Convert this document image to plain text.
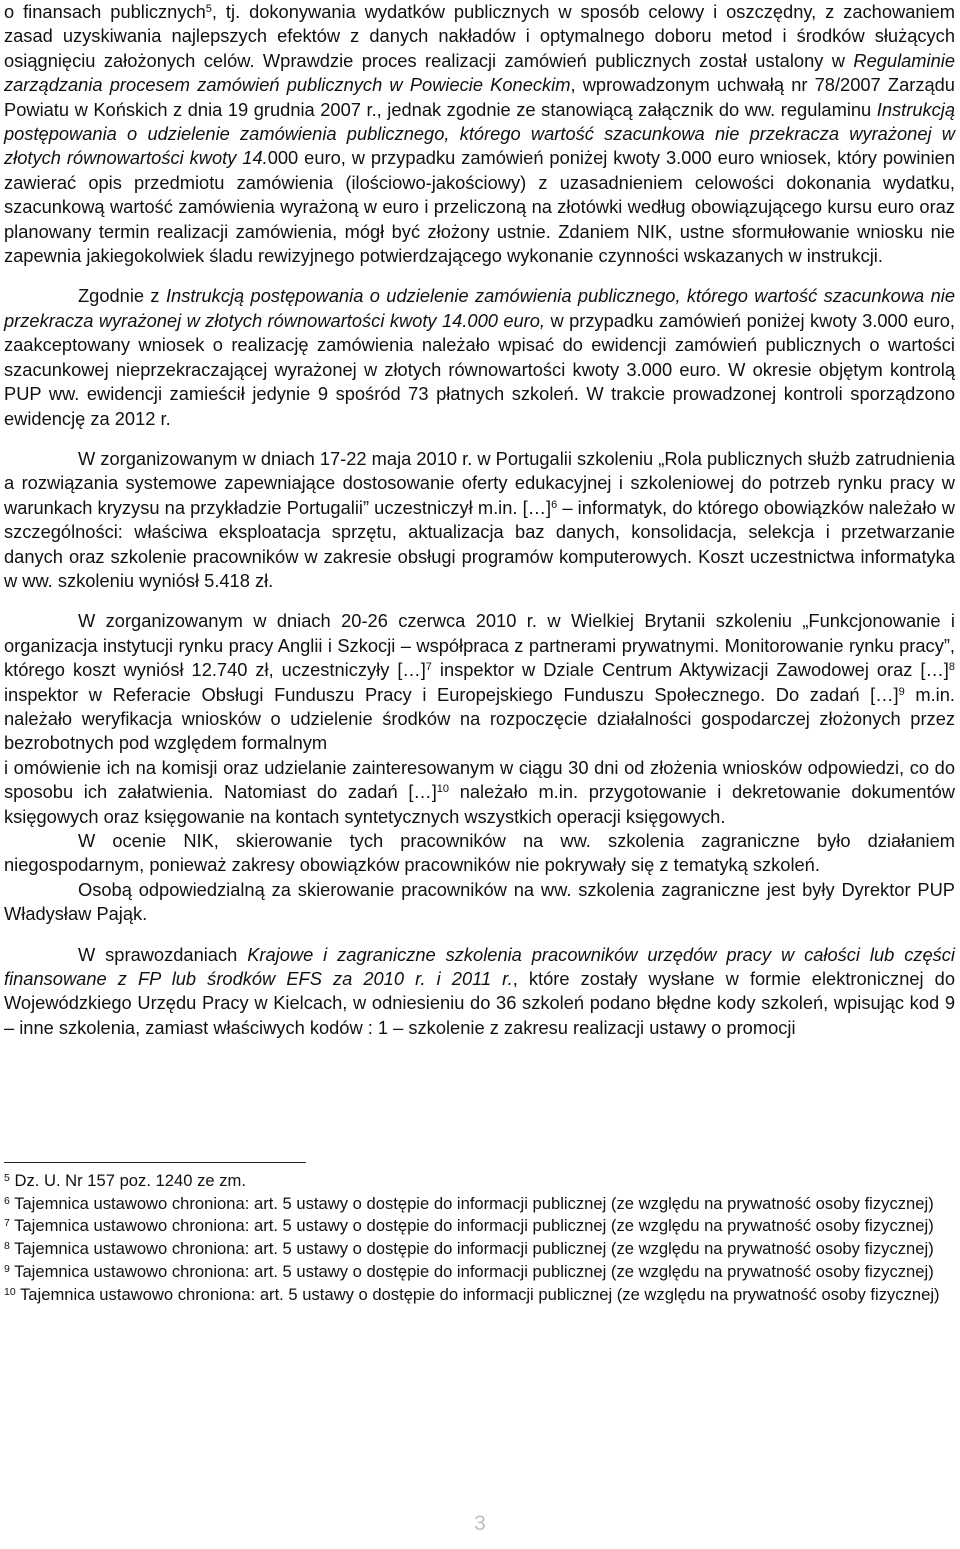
o finansach publicznych$^5$, tj. dokonywania wydatków publicznych w sposób celowy i oszczędny, z zachowaniem zasad uzyskiwania najlepszych efektów z danych nakładów i optymalnego doboru metod i środków służących osiągnięciu założonych celów. Wprawdzie proces realizacji zamówień publicznych został ustalony w Regulaminie zarządzania procesem zamówień publicznych w Powiecie Koneckim, wprowadzonym uchwałą nr 78/2007 Zarządu Powiatu w Końskich z dnia 19 grudnia 2007 r., jednak zgodnie ze stanowiącą załącznik do ww. regulaminu Instrukcją postępowania o udzielenie zamówienia publicznego, którego wartość szacunkowa nie przekracza wyrażonej w złotych równowartości kwoty 14.000 euro, w przypadku zamówień poniżej kwoty 3.000 euro wniosek, który powinien zawierać opis przedmiotu zamówienia (ilościowo-jakościowy) z uzasadnieniem celowości dokonania wydatku, szacunkową wartość zamówienia wyrażoną w euro i przeliczoną na złotówki według obowiązującego kursu euro oraz planowany termin realizacji zamówienia, mógł być złożony ustnie. Zdaniem NIK, ustne sformułowanie wniosku nie zapewnia jakiegokolwiek śladu rewizyjnego potwierdzającego wykonanie czynności wskazanych w instrukcji.

Zgodnie z Instrukcją postępowania o udzielenie zamówienia publicznego, którego wartość szacunkowa nie przekracza wyrażonej w złotych równowartości kwoty 14.000 euro, w przypadku zamówień poniżej kwoty 3.000 euro, zaakceptowany wniosek o realizację zamówienia należało wpisać do ewidencji zamówień publicznych o wartości szacunkowej nieprzekraczającej wyrażonej w złotych równowartości kwoty 3.000 euro. W okresie objętym kontrolą PUP ww. ewidencji zamieścił jedynie 9 spośród 73 płatnych szkoleń. W trakcie prowadzonej kontroli sporządzono ewidencję za 2012 r.

W zorganizowanym w dniach 17-22 maja 2010 r. w Portugalii szkoleniu „Rola publicznych służb zatrudnienia a rozwiązania systemowe zapewniające dostosowanie oferty edukacyjnej i szkoleniowej do potrzeb rynku pracy w warunkach kryzysu na przykładzie Portugalii” uczestniczył m.in. […]$^6$ – informatyk, do którego obowiązków należało w szczególności: właściwa eksploatacja sprzętu, aktualizacja baz danych, konsolidacja, selekcja i przetwarzanie danych oraz szkolenie pracowników w zakresie obsługi programów komputerowych. Koszt uczestnictwa informatyka w ww. szkoleniu wyniósł 5.418 zł.

W zorganizowanym w dniach 20-26 czerwca 2010 r. w Wielkiej Brytanii szkoleniu „Funkcjonowanie i organizacja instytucji rynku pracy Anglii i Szkocji – współpraca z partnerami prywatnymi. Monitorowanie rynku pracy”, którego koszt wyniósł 12.740 zł, uczestniczyły […]$^7$ inspektor w Dziale Centrum Aktywizacji Zawodowej oraz […]$^8$ inspektor w Referacie Obsługi Funduszu Pracy i Europejskiego Funduszu Społecznego. Do zadań […]$^9$ m.in. należało weryfikacja wniosków o udzielenie środków na rozpoczęcie działalności gospodarczej złożonych przez bezrobotnych pod względem formalnym

i omówienie ich na komisji oraz udzielanie zainteresowanym w ciągu 30 dni od złożenia wniosków odpowiedzi, co do sposobu ich załatwienia. Natomiast do zadań […]$^{10}$ należało m.in. przygotowanie i dekretowanie dokumentów księgowych oraz księgowanie na kontach syntetycznych wszystkich operacji księgowych.

W ocenie NIK, skierowanie tych pracowników na ww. szkolenia zagraniczne było działaniem niegospodarnym, ponieważ zakresy obowiązków pracowników nie pokrywały się z tematyką szkoleń.

Osobą odpowiedzialną za skierowanie pracowników na ww. szkolenia zagraniczne jest były Dyrektor PUP Władysław Pająk.

W sprawozdaniach Krajowe i zagraniczne szkolenia pracowników urzędów pracy w całości lub części finansowane z FP lub środków EFS za 2010 r. i 2011 r., które zostały wysłane w formie elektronicznej do Wojewódzkiego Urzędu Pracy w Kielcach, w odniesieniu do 36 szkoleń podano błędne kody szkoleń, wpisując kod 9 – inne szkolenia, zamiast właściwych kodów : 1 – szkolenie z zakresu realizacji ustawy o promocji

$^5$ Dz. U. Nr 157 poz. 1240 ze zm.

$^6$ Tajemnica ustawowo chroniona: art. 5 ustawy o dostępie do informacji publicznej (ze względu na prywatność osoby fizycznej)

$^7$ Tajemnica ustawowo chroniona: art. 5 ustawy o dostępie do informacji publicznej (ze względu na prywatność osoby fizycznej)

$^8$ Tajemnica ustawowo chroniona: art. 5 ustawy o dostępie do informacji publicznej (ze względu na prywatność osoby fizycznej)

$^9$ Tajemnica ustawowo chroniona: art. 5 ustawy o dostępie do informacji publicznej (ze względu na prywatność osoby fizycznej)

$^{10}$ Tajemnica ustawowo chroniona: art. 5 ustawy o dostępie do informacji publicznej (ze względu na prywatność osoby fizycznej)

3
